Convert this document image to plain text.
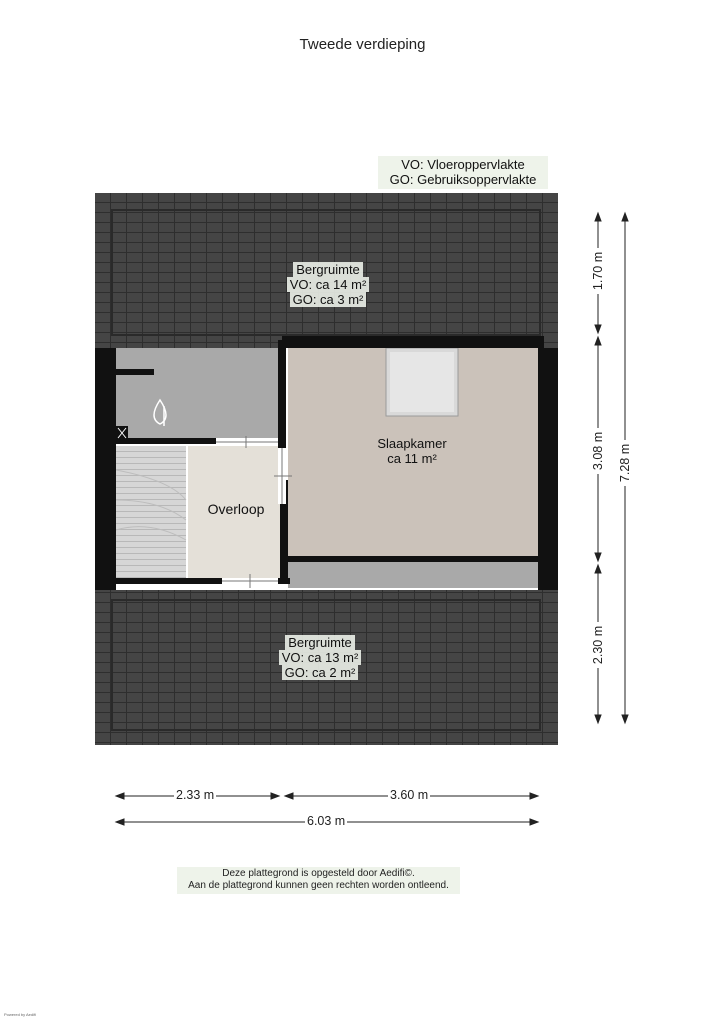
Tweede verdieping
VO: Vloeroppervlakte
GO: Gebruiksoppervlakte
Bergruimte
VO: ca 14 m²
GO: ca 3 m²
Slaapkamer
ca 11 m²
Overloop
Bergruimte
VO: ca 13 m²
GO: ca 2 m²
2.33 m	3.60 m
6.03 m
1.70 m
3.08 m
2.30 m
7.28 m
Deze plattegrond is opgesteld door Aedifi©.
Aan de plattegrond kunnen geen rechten worden ontleend.
Powered by Aedifi
